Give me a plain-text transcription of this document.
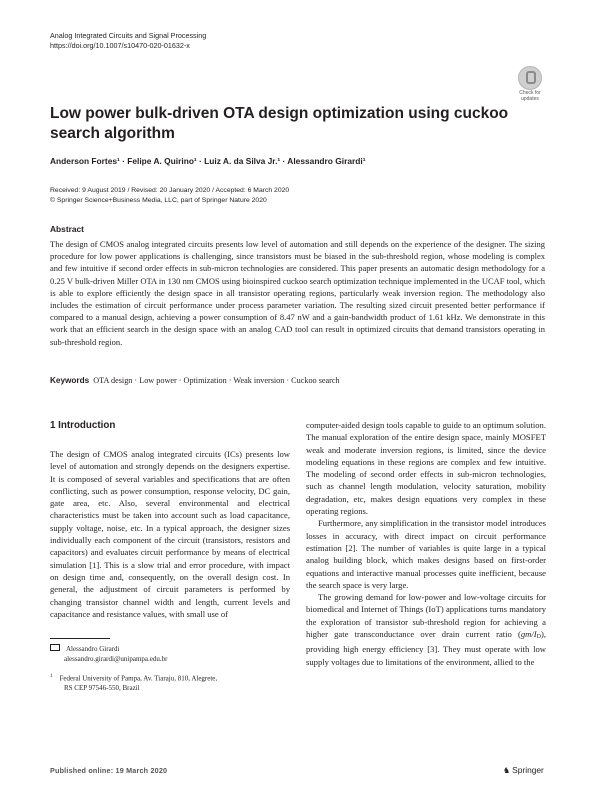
Analog Integrated Circuits and Signal Processing
https://doi.org/10.1007/s10470-020-01632-x
Check for
updates
Low power bulk-driven OTA design optimization using cuckoo search algorithm
Anderson Fortes¹ · Felipe A. Quirino¹ · Luiz A. da Silva Jr.¹ · Alessandro Girardi¹
Received: 9 August 2019 / Revised: 20 January 2020 / Accepted: 6 March 2020
© Springer Science+Business Media, LLC, part of Springer Nature 2020
Abstract
The design of CMOS analog integrated circuits presents low level of automation and still depends on the experience of the designer. The sizing procedure for low power applications is challenging, since transistors must be biased in the sub-threshold region, whose modeling is complex and few intuitive if second order effects in sub-micron technologies are considered. This paper presents an automatic design methodology for a 0.25 V bulk-driven Miller OTA in 130 nm CMOS using bioinspired cuckoo search optimization technique implemented in the UCAF tool, which is able to explore efficiently the design space in all transistor operating regions, particularly weak inversion region. The methodology also includes the estimation of circuit performance under process parameter variation. The resulting sized circuit presented better performance if compared to a manual design, achieving a power consumption of 8.47 nW and a gain-bandwidth product of 1.61 kHz. We demonstrate in this work that an efficient search in the design space with an analog CAD tool can result in optimized circuits that demand transistors operating in sub-threshold region.
Keywords OTA design · Low power · Optimization · Weak inversion · Cuckoo search
1 Introduction

The design of CMOS analog integrated circuits (ICs) presents low level of automation and strongly depends on the designers expertise. It is composed of several variables and specifications that are often conflicting, such as power consumption, response velocity, DC gain, gate area, etc. Also, several environmental and electrical characteristics must be taken into account such as load capacitance, supply voltage, noise, etc. In a typical approach, the designer sizes individually each component of the circuit (transistors, resistors and capacitors) and evaluates circuit performance by means of electrical simulation [1]. This is a slow trial and error procedure, with impact on design time and, consequently, on the overall design cost. In general, the adjustment of circuit parameters is performed by changing transistor channel width and length, current levels and capacitance and resistance values, with small use of

computer-aided design tools capable to guide to an optimum solution. The manual exploration of the entire design space, mainly MOSFET weak and moderate inversion regions, is limited, since the device modeling equations in these regions are complex and few intuitive. The modeling of second order effects in sub-micron technologies, such as channel length modulation, velocity saturation, mobility degradation, etc, makes design equations very complex in these operating regions.

Furthermore, any simplification in the transistor model introduces losses in accuracy, with direct impact on circuit performance estimation [2]. The number of variables is quite large in a typical analog building block, which makes designs based on first-order equations and interactive manual processes quite inefficient, because the search space is very large.

The growing demand for low-power and low-voltage circuits for biomedical and Internet of Things (IoT) applications turns mandatory the exploration of transistor sub-threshold region for achieving a higher gate transconductance over drain current ratio (gm/ID), providing high energy efficiency [3]. They must operate with low supply voltages due to limitations of the environment, allied to the

Alessandro Girardi
alessandro.girardi@unipampa.edu.br
$^1$ Federal University of Pampa, Av. Tiaraju, 810, Alegrete,
RS CEP 97546-550, Brazil
Published online: 19 March 2020	♞ Springer
